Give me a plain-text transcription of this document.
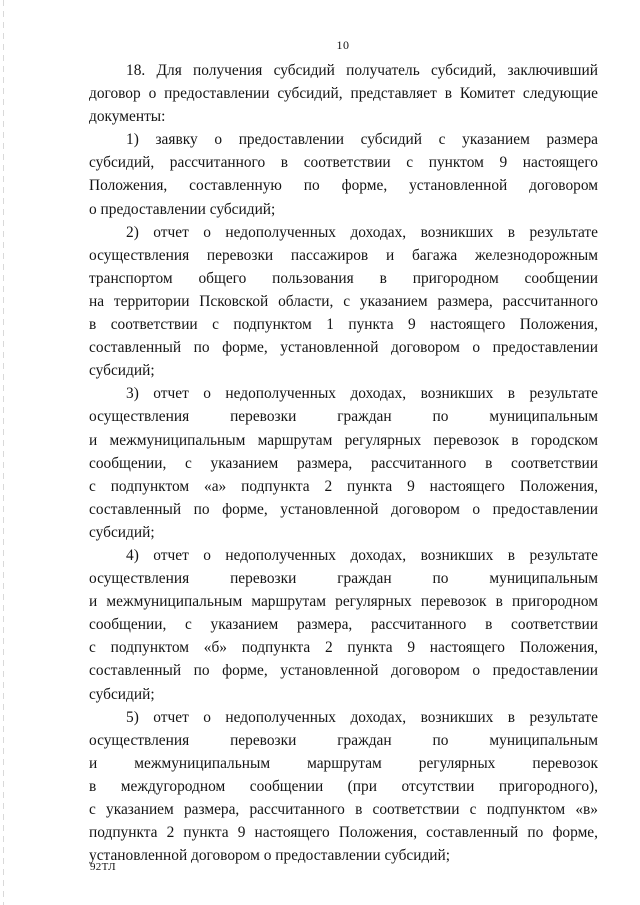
10
18. Для получения субсидий получатель субсидий, заключивший
договор о предоставлении субсидий, представляет в Комитет следующие
документы:
1) заявку о предоставлении субсидий с указанием размера
субсидий, рассчитанного в соответствии с пунктом 9 настоящего
Положения, составленную по форме, установленной договором
о предоставлении субсидий;
2) отчет о недополученных доходах, возникших в результате
осуществления перевозки пассажиров и багажа железнодорожным
транспортом общего пользования в пригородном сообщении
на территории Псковской области, с указанием размера, рассчитанного
в соответствии с подпунктом 1 пункта 9 настоящего Положения,
составленный по форме, установленной договором о предоставлении
субсидий;
3) отчет о недополученных доходах, возникших в результате
осуществления перевозки граждан по муниципальным
и межмуниципальным маршрутам регулярных перевозок в городском
сообщении, с указанием размера, рассчитанного в соответствии
с подпунктом «а» подпункта 2 пункта 9 настоящего Положения,
составленный по форме, установленной договором о предоставлении
субсидий;
4) отчет о недополученных доходах, возникших в результате
осуществления перевозки граждан по муниципальным
и межмуниципальным маршрутам регулярных перевозок в пригородном
сообщении, с указанием размера, рассчитанного в соответствии
с подпунктом «б» подпункта 2 пункта 9 настоящего Положения,
составленный по форме, установленной договором о предоставлении
субсидий;
5) отчет о недополученных доходах, возникших в результате
осуществления перевозки граждан по муниципальным
и межмуниципальным маршрутам регулярных перевозок
в междугородном сообщении (при отсутствии пригородного),
с указанием размера, рассчитанного в соответствии с подпунктом «в»
подпункта 2 пункта 9 настоящего Положения, составленный по форме,
установленной договором о предоставлении субсидий;
92ТЛ
